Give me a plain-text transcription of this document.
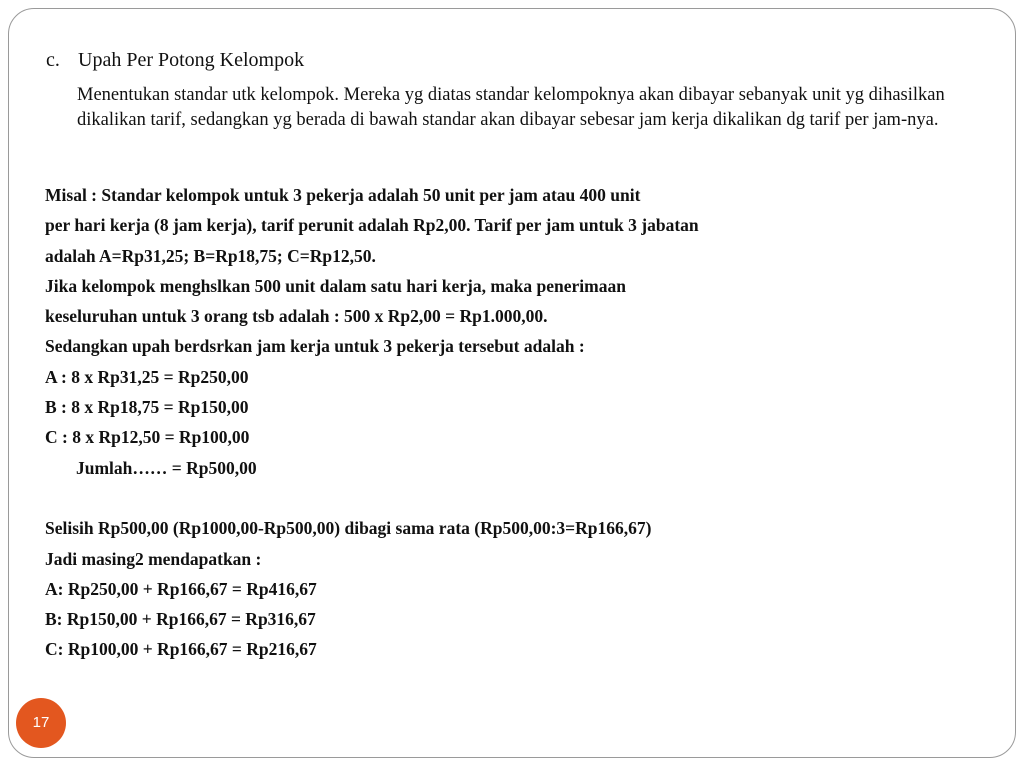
c. Upah Per Potong Kelompok
Menentukan standar utk kelompok. Mereka yg diatas standar kelompoknya akan dibayar sebanyak unit yg dihasilkan dikalikan tarif, sedangkan yg berada di bawah standar akan dibayar sebesar jam kerja dikalikan dg tarif per jam-nya.
Misal : Standar kelompok untuk 3 pekerja adalah 50 unit per jam atau 400 unit
per hari kerja (8 jam kerja), tarif perunit adalah Rp2,00. Tarif per jam untuk 3 jabatan
adalah A=Rp31,25; B=Rp18,75; C=Rp12,50.
Jika kelompok menghslkan 500 unit dalam satu hari kerja, maka penerimaan
keseluruhan untuk 3 orang tsb adalah : 500 x Rp2,00 = Rp1.000,00.
Sedangkan upah berdsrkan jam kerja untuk 3 pekerja tersebut adalah :
A : 8 x Rp31,25 = Rp250,00
B : 8 x Rp18,75 = Rp150,00
C : 8 x Rp12,50 = Rp100,00
Jumlah…… = Rp500,00
Selisih Rp500,00 (Rp1000,00-Rp500,00) dibagi sama rata (Rp500,00:3=Rp166,67)
Jadi masing2 mendapatkan :
A: Rp250,00 + Rp166,67 = Rp416,67
B: Rp150,00 + Rp166,67 = Rp316,67
C: Rp100,00 + Rp166,67 = Rp216,67
17
